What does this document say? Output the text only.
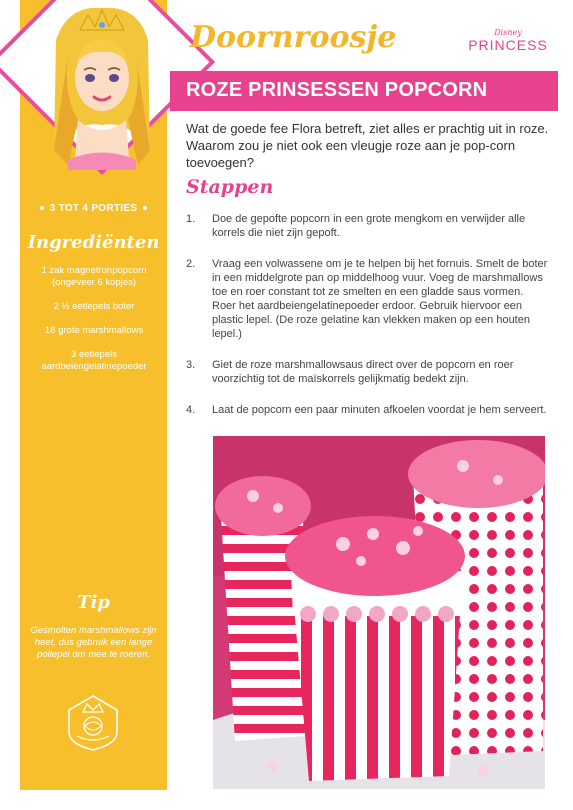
3 TOT 4 PORTIES
Ingrediënten
1 zak magnetronpopcorn (ongeveer 6 kopjes)
2 ½ eetlepels boter
18 grote marshmallows
3 eetlepels aardbeiengelatinepoeder
Tip
Gesmolten marshmallows zijn heet, dus gebruik een lange pollepel om mee te roeren.
Doornroosje	Disney
PRINCESS
ROZE PRINSESSEN POPCORN
Wat de goede fee Flora betreft, ziet alles er prachtig uit in roze. Waarom zou je niet ook een vleugje roze aan je pop-corn toevoegen?
Stappen
1.	Doe de gepofte popcorn in een grote mengkom en verwijder alle korrels die niet zijn gepoft.
2.	Vraag een volwassene om je te helpen bij het fornuis. Smelt de boter in een middelgrote pan op middelhoog vuur. Voeg de marshmallows toe en roer constant tot ze smelten en een gladde saus vormen. Roer het aardbeiengelatinepoeder erdoor. Gebruik hiervoor een plastic lepel. (De roze gelatine kan vlekken maken op een houten lepel.)
3.	Giet de roze marshmallowsaus direct over de popcorn en roer voorzichtig tot de maïskorrels gelijkmatig bedekt zijn.
4.	Laat de popcorn een paar minuten afkoelen voordat je hem serveert.
